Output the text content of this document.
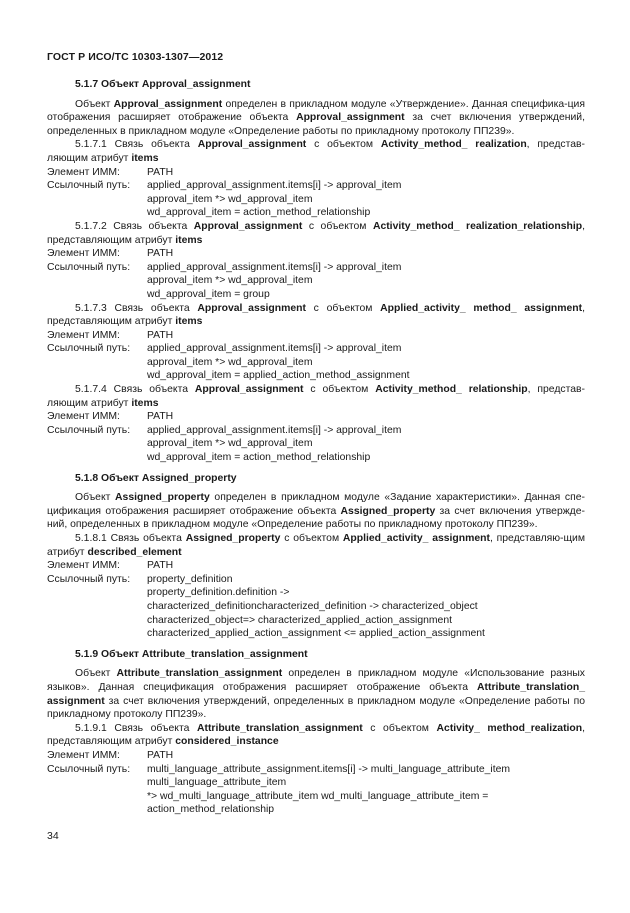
ГОСТ Р ИСО/ТС 10303-1307—2012

5.1.7 Объект Approval_assignment

Объект Approval_assignment определен в прикладном модуле «Утверждение». Данная специфика-ция отображения расширяет отображение объекта Approval_assignment за счет включения утверждений, определенных в прикладном модуле «Определение работы по прикладному протоколу ПП239».

5.1.7.1 Связь объекта Approval_assignment с объектом Activity_method_ realization, представ-ляющим атрибут items

Элемент ИММ:	PATH
Ссылочный путь:	applied_approval_assignment.items[i] -> approval_item
approval_item *> wd_approval_item
wd_approval_item = action_method_relationship

5.1.7.2 Связь объекта Approval_assignment с объектом Activity_method_ realization_relationship, представляющим атрибут items

Элемент ИММ:	PATH
Ссылочный путь:	applied_approval_assignment.items[i] -> approval_item
approval_item *> wd_approval_item
wd_approval_item = group

5.1.7.3 Связь объекта Approval_assignment с объектом Applied_activity_ method_ assignment, представляющим атрибут items

Элемент ИММ:	PATH
Ссылочный путь:	applied_approval_assignment.items[i] -> approval_item
approval_item *> wd_approval_item
wd_approval_item = applied_action_method_assignment

5.1.7.4 Связь объекта Approval_assignment с объектом Activity_method_ relationship, представ-ляющим атрибут items

Элемент ИММ:	PATH
Ссылочный путь:	applied_approval_assignment.items[i] -> approval_item
approval_item *> wd_approval_item
wd_approval_item = action_method_relationship

5.1.8 Объект Assigned_property

Объект Assigned_property определен в прикладном модуле «Задание характеристики». Данная спе-цификация отображения расширяет отображение объекта Assigned_property за счет включения утвержде-ний, определенных в прикладном модуле «Определение работы по прикладному протоколу ПП239».

5.1.8.1 Связь объекта Assigned_property с объектом Applied_activity_ assignment, представляю-щим атрибут described_element

Элемент ИММ:	PATH
Ссылочный путь:	property_definition
property_definition.definition ->
characterized_definitioncharacterized_definition -> characterized_object
characterized_object=> characterized_applied_action_assignment
characterized_applied_action_assignment <= applied_action_assignment

5.1.9 Объект Attribute_translation_assignment

Объект Attribute_translation_assignment определен в прикладном модуле «Использование разных языков». Данная спецификация отображения расширяет отображение объекта Attribute_translation_ assignment за счет включения утверждений, определенных в прикладном модуле «Определение работы по прикладному протоколу ПП239».

5.1.9.1 Связь объекта Attribute_translation_assignment с объектом Activity_ method_realization, представляющим атрибут considered_instance

Элемент ИММ:	PATH
Ссылочный путь:	multi_language_attribute_assignment.items[i] -> multi_language_attribute_item
multi_language_attribute_item
*> wd_multi_language_attribute_item wd_multi_language_attribute_item =
action_method_relationship
34
